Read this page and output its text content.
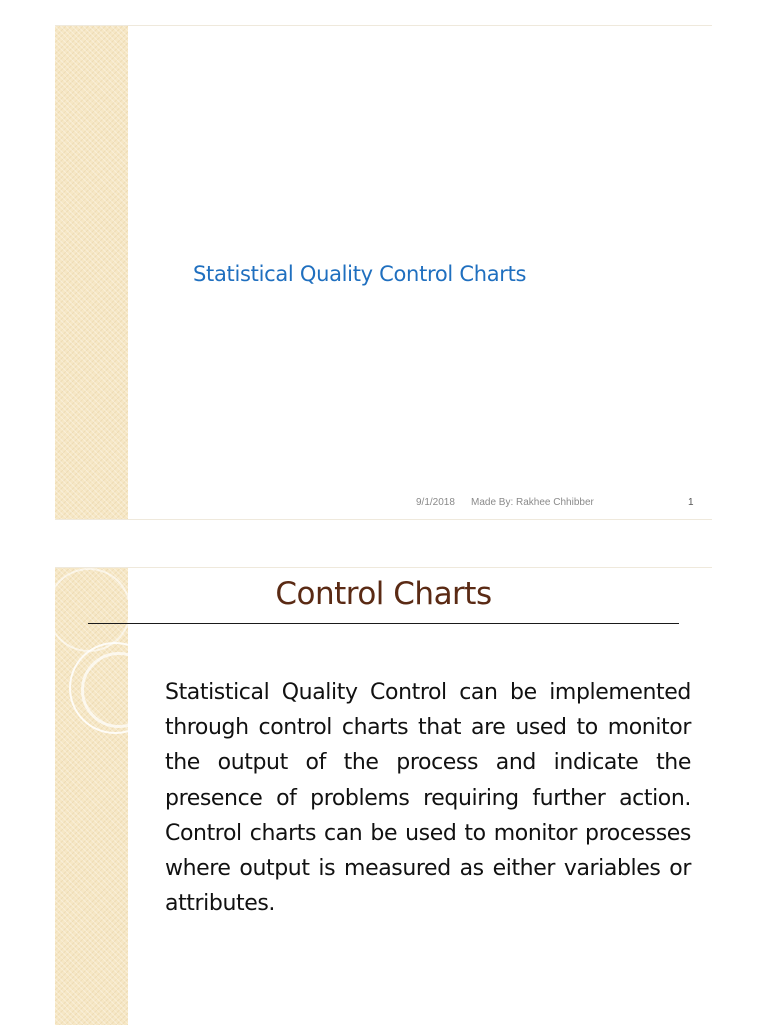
Statistical Quality Control Charts
9/1/2018 Made By: Rakhee Chhibber	1
Control Charts

Statistical Quality Control can be implemented through control charts that are used to monitor the output of the process and indicate the presence of problems requiring further action. Control charts can be used to monitor processes where output is measured as either variables or attributes.
